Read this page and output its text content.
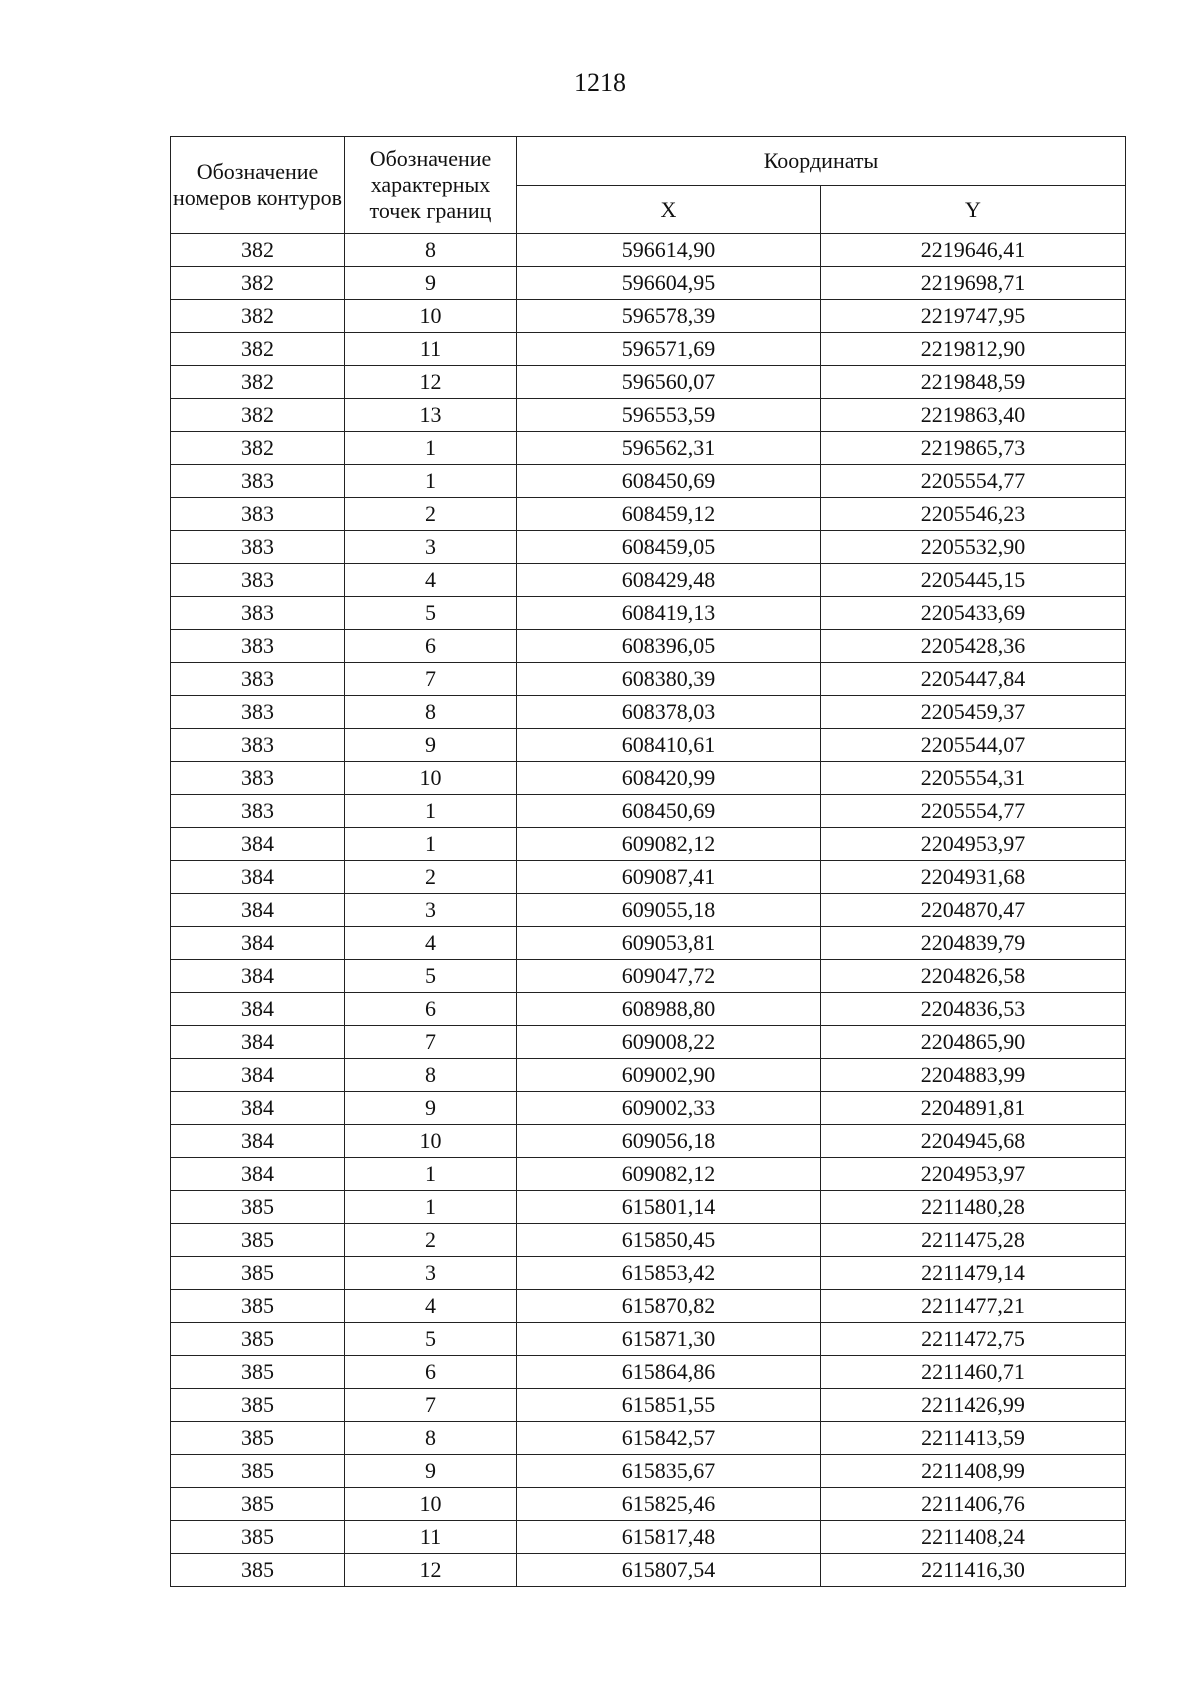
1218
Обозначение номеров контуров	Обозначение характерных точек границ	Координаты	
		X	Y
382	8	596614,90	2219646,41
382	9	596604,95	2219698,71
382	10	596578,39	2219747,95
382	11	596571,69	2219812,90
382	12	596560,07	2219848,59
382	13	596553,59	2219863,40
382	1	596562,31	2219865,73
383	1	608450,69	2205554,77
383	2	608459,12	2205546,23
383	3	608459,05	2205532,90
383	4	608429,48	2205445,15
383	5	608419,13	2205433,69
383	6	608396,05	2205428,36
383	7	608380,39	2205447,84
383	8	608378,03	2205459,37
383	9	608410,61	2205544,07
383	10	608420,99	2205554,31
383	1	608450,69	2205554,77
384	1	609082,12	2204953,97
384	2	609087,41	2204931,68
384	3	609055,18	2204870,47
384	4	609053,81	2204839,79
384	5	609047,72	2204826,58
384	6	608988,80	2204836,53
384	7	609008,22	2204865,90
384	8	609002,90	2204883,99
384	9	609002,33	2204891,81
384	10	609056,18	2204945,68
384	1	609082,12	2204953,97
385	1	615801,14	2211480,28
385	2	615850,45	2211475,28
385	3	615853,42	2211479,14
385	4	615870,82	2211477,21
385	5	615871,30	2211472,75
385	6	615864,86	2211460,71
385	7	615851,55	2211426,99
385	8	615842,57	2211413,59
385	9	615835,67	2211408,99
385	10	615825,46	2211406,76
385	11	615817,48	2211408,24
385	12	615807,54	2211416,30
